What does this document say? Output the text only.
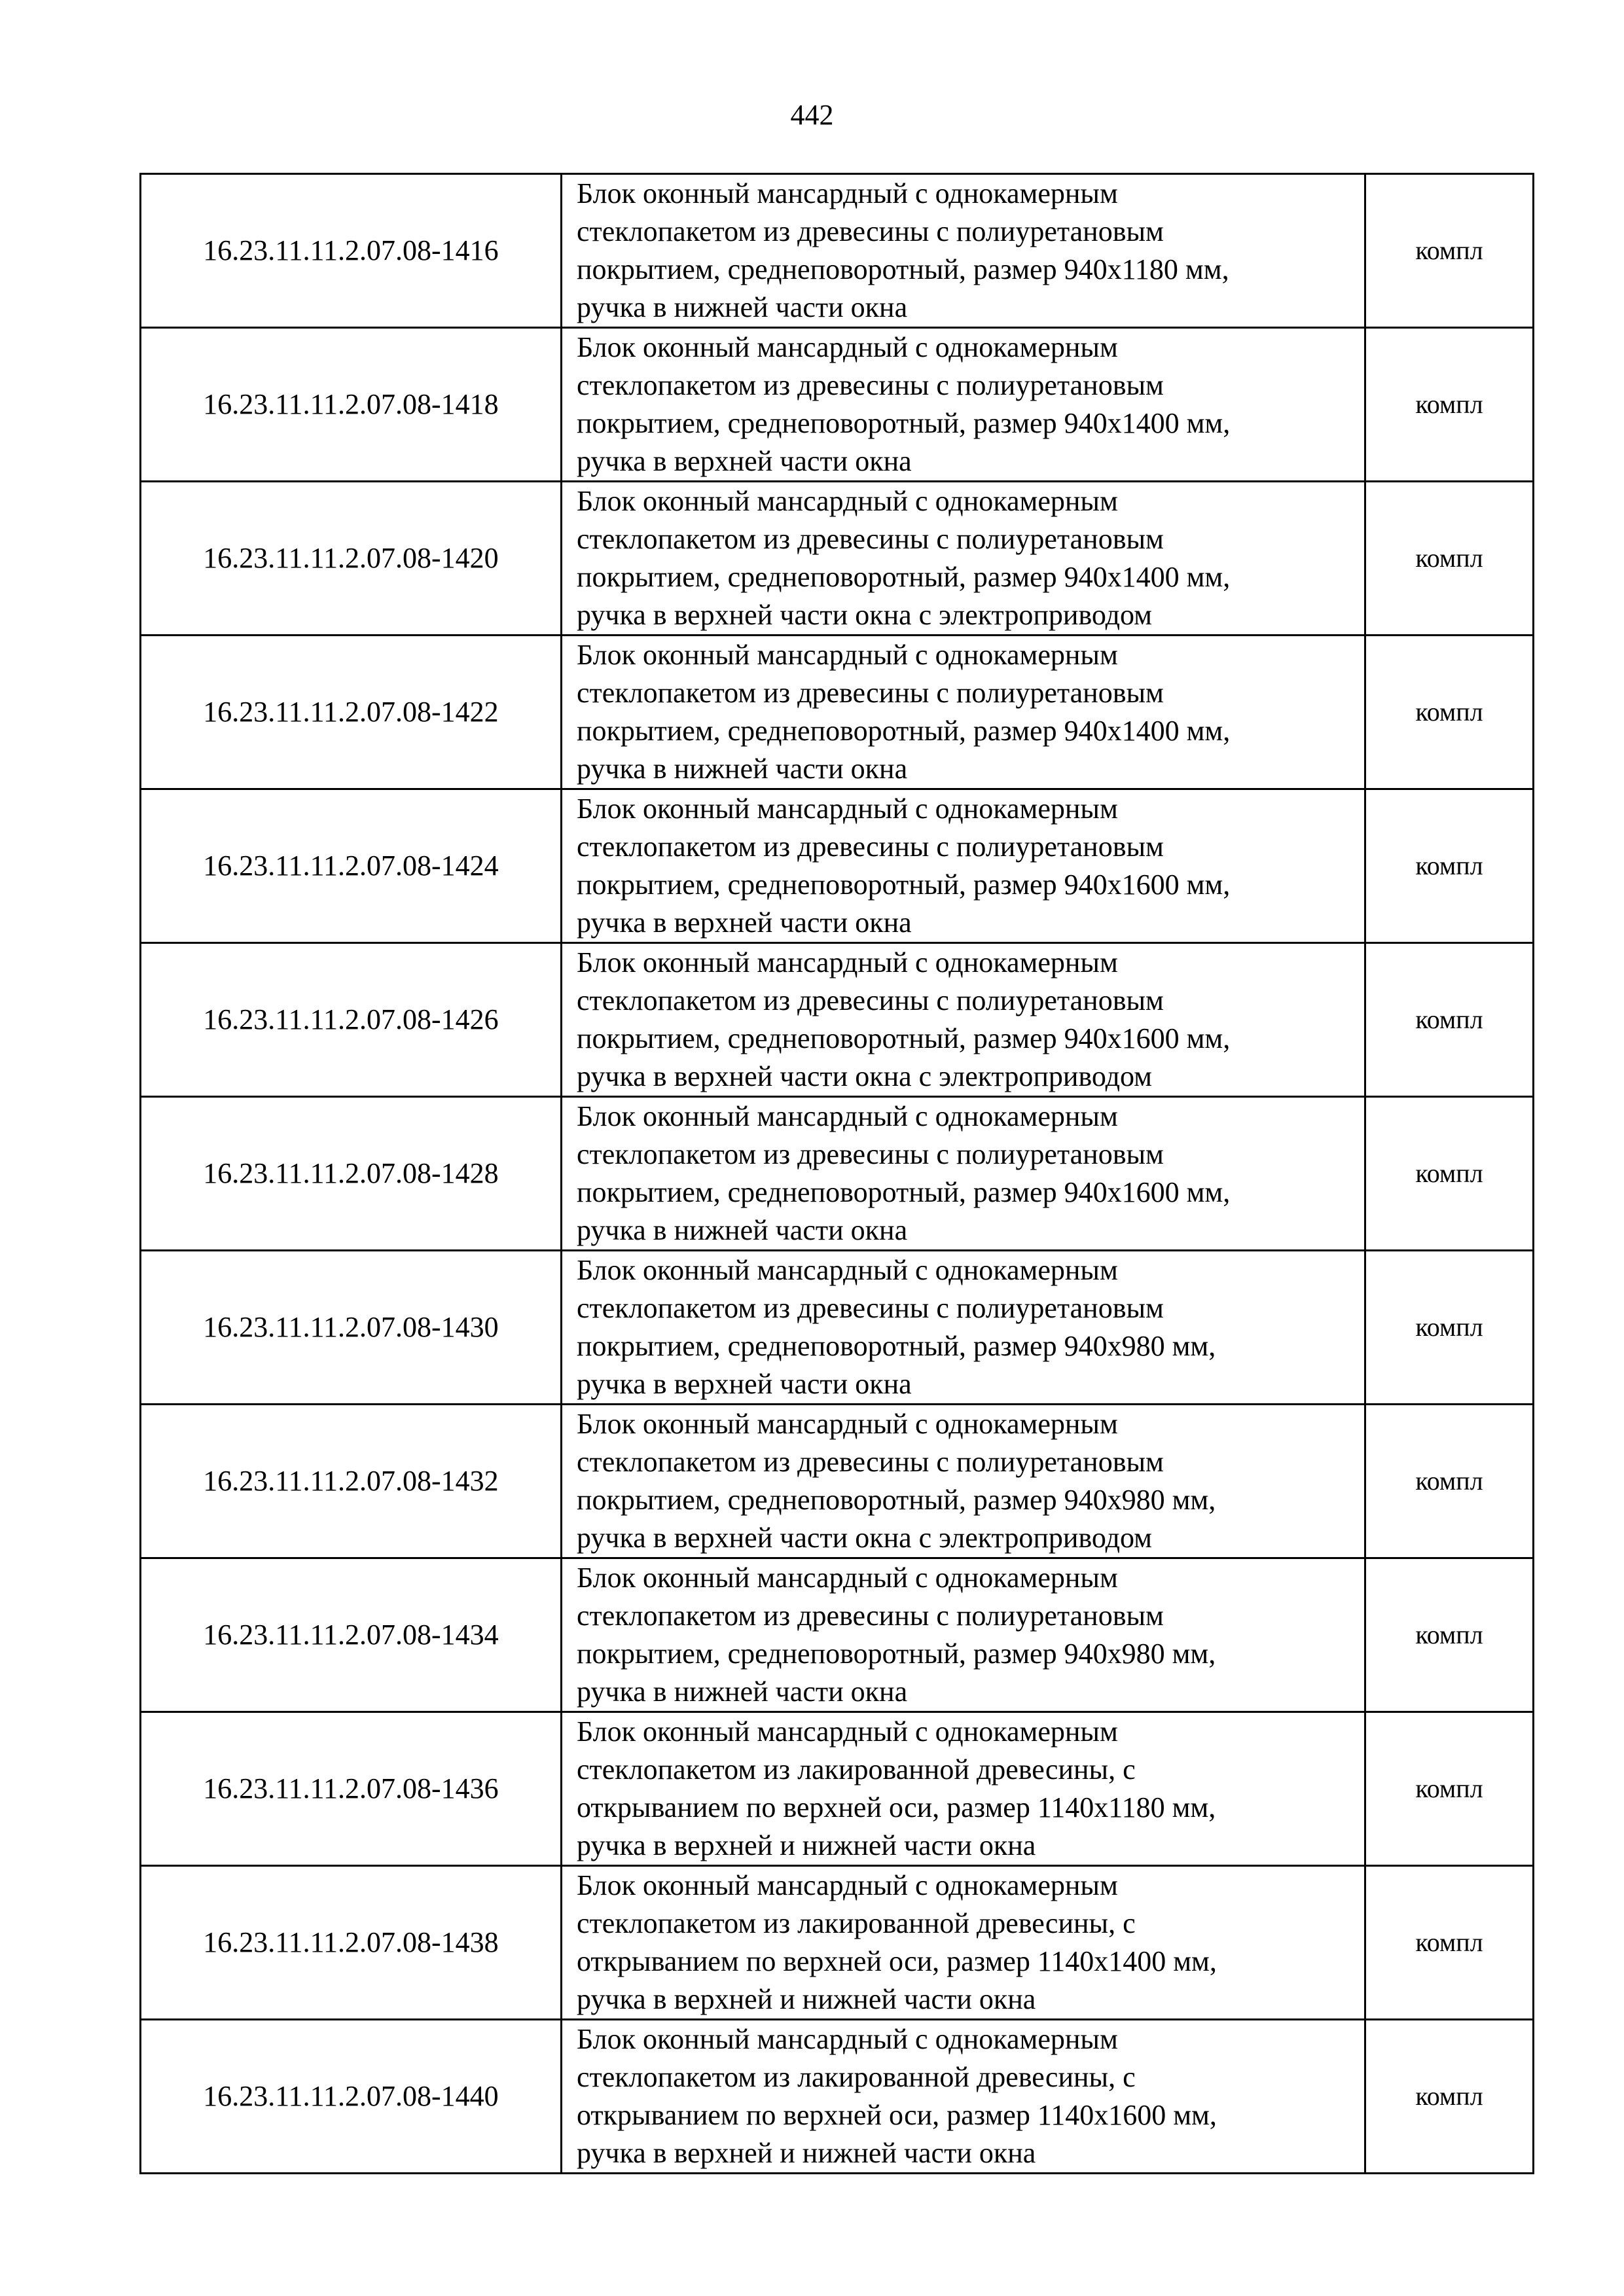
442
16.23.11.11.2.07.08-1416	Блок оконный мансардный с однокамерным
стеклопакетом из древесины с полиуретановым
покрытием, среднеповоротный, размер 940х1180 мм,
ручка в нижней части окна	компл
16.23.11.11.2.07.08-1418	Блок оконный мансардный с однокамерным
стеклопакетом из древесины с полиуретановым
покрытием, среднеповоротный, размер 940х1400 мм,
ручка в верхней части окна	компл
16.23.11.11.2.07.08-1420	Блок оконный мансардный с однокамерным
стеклопакетом из древесины с полиуретановым
покрытием, среднеповоротный, размер 940х1400 мм,
ручка в верхней части окна с электроприводом	компл
16.23.11.11.2.07.08-1422	Блок оконный мансардный с однокамерным
стеклопакетом из древесины с полиуретановым
покрытием, среднеповоротный, размер 940х1400 мм,
ручка в нижней части окна	компл
16.23.11.11.2.07.08-1424	Блок оконный мансардный с однокамерным
стеклопакетом из древесины с полиуретановым
покрытием, среднеповоротный, размер 940х1600 мм,
ручка в верхней части окна	компл
16.23.11.11.2.07.08-1426	Блок оконный мансардный с однокамерным
стеклопакетом из древесины с полиуретановым
покрытием, среднеповоротный, размер 940х1600 мм,
ручка в верхней части окна с электроприводом	компл
16.23.11.11.2.07.08-1428	Блок оконный мансардный с однокамерным
стеклопакетом из древесины с полиуретановым
покрытием, среднеповоротный, размер 940х1600 мм,
ручка в нижней части окна	компл
16.23.11.11.2.07.08-1430	Блок оконный мансардный с однокамерным
стеклопакетом из древесины с полиуретановым
покрытием, среднеповоротный, размер 940х980 мм,
ручка в верхней части окна	компл
16.23.11.11.2.07.08-1432	Блок оконный мансардный с однокамерным
стеклопакетом из древесины с полиуретановым
покрытием, среднеповоротный, размер 940х980 мм,
ручка в верхней части окна с электроприводом	компл
16.23.11.11.2.07.08-1434	Блок оконный мансардный с однокамерным
стеклопакетом из древесины с полиуретановым
покрытием, среднеповоротный, размер 940х980 мм,
ручка в нижней части окна	компл
16.23.11.11.2.07.08-1436	Блок оконный мансардный с однокамерным
стеклопакетом из лакированной древесины, с
открыванием по верхней оси, размер 1140х1180 мм,
ручка в верхней и нижней части окна	компл
16.23.11.11.2.07.08-1438	Блок оконный мансардный с однокамерным
стеклопакетом из лакированной древесины, с
открыванием по верхней оси, размер 1140х1400 мм,
ручка в верхней и нижней части окна	компл
16.23.11.11.2.07.08-1440	Блок оконный мансардный с однокамерным
стеклопакетом из лакированной древесины, с
открыванием по верхней оси, размер 1140х1600 мм,
ручка в верхней и нижней части окна	компл
